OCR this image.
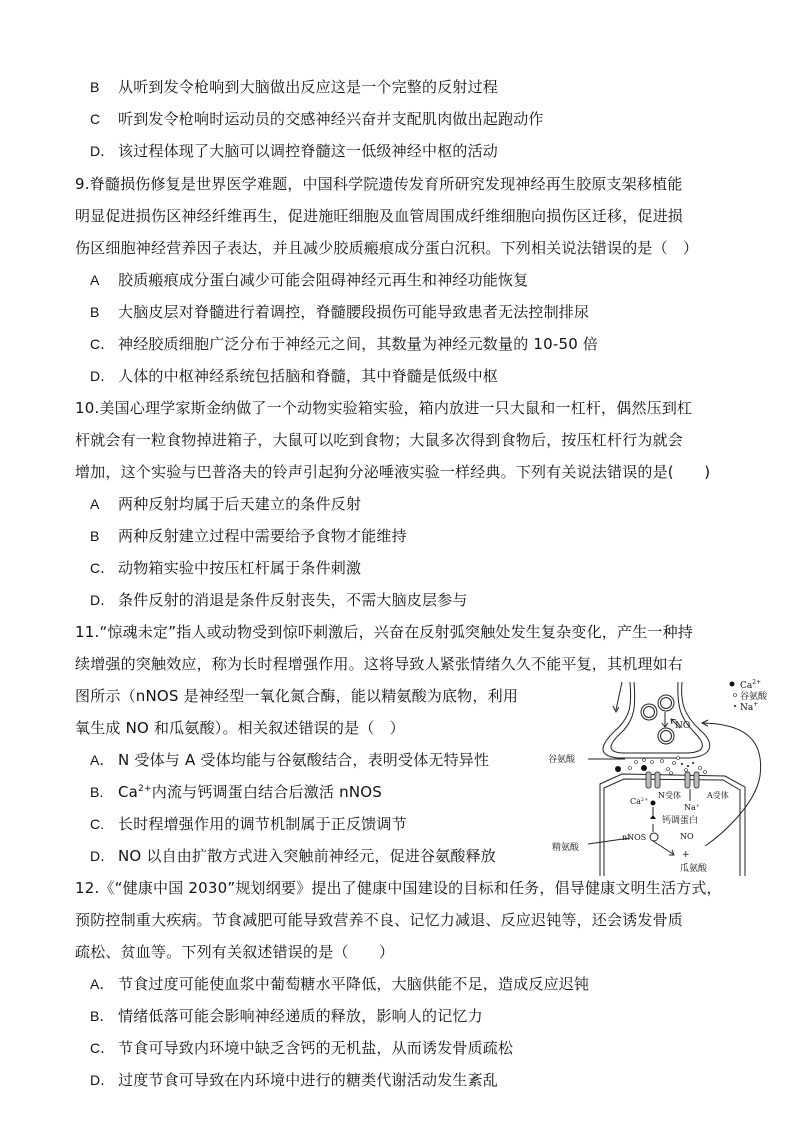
B 从听到发令枪响到大脑做出反应这是一个完整的反射过程
C 听到发令枪响时运动员的交感神经兴奋并支配肌肉做出起跑动作
D． 该过程体现了大脑可以调控脊髓这一低级神经中枢的活动
9.脊髓损伤修复是世界医学难题，中国科学院遗传发育所研究发现神经再生胶原支架移植能
明显促进损伤区神经纤维再生，促进施旺细胞及血管周围成纤维细胞向损伤区迁移，促进损
伤区细胞神经营养因子表达，并且减少胶质瘢痕成分蛋白沉积。下列相关说法错误的是（　）
A 胶质瘢痕成分蛋白减少可能会阻碍神经元再生和神经功能恢复
B 大脑皮层对脊髓进行着调控，脊髓腰段损伤可能导致患者无法控制排尿
C． 神经胶质细胞广泛分布于神经元之间，其数量为神经元数量的 10-50 倍
D． 人体的中枢神经系统包括脑和脊髓，其中脊髓是低级中枢
10.美国心理学家斯金纳做了一个动物实验箱实验，箱内放进一只大鼠和一杠杆，偶然压到杠
杆就会有一粒食物掉进箱子，大鼠可以吃到食物；大鼠多次得到食物后，按压杠杆行为就会
增加，这个实验与巴普洛夫的铃声引起狗分泌唾液实验一样经典。下列有关说法错误的是(　　)
A 两种反射均属于后天建立的条件反射
B 两种反射建立过程中需要给予食物才能维持
C． 动物箱实验中按压杠杆属于条件刺激
D． 条件反射的消退是条件反射丧失，不需大脑皮层参与
11.“惊魂未定”指人或动物受到惊吓刺激后，兴奋在反射弧突触处发生复杂变化，产生一种持
续增强的突触效应，称为长时程增强作用。这将导致人紧张情绪久久不能平复，其机理如右
图所示（nNOS 是神经型一氧化氮合酶，能以精氨酸为底物，利用
氧生成 NO 和瓜氨酸）。相关叙述错误的是（　）
A． N 受体与 A 受体均能与谷氨酸结合，表明受体无特异性
B. $Ca^{2+}$内流与钙调蛋白结合后激活 nNOS
C. 长时程增强作用的调节机制属于正反馈调节
D． NO 以自由扩散方式进入突触前神经元，促进谷氨酸释放
$Ca^{2+}$
谷氨酸
Na+
NO
谷氨酸
$Ca^{2+}$ N受体	A受体
Na+
钙调蛋白
nNOS	NO
精氨酸
+
瓜氨酸
12.《“健康中国 2030”规划纲要》提出了健康中国建设的目标和任务，倡导健康文明生活方式，
预防控制重大疾病。节食减肥可能导致营养不良、记忆力减退、反应迟钝等，还会诱发骨质
疏松、贫血等。下列有关叙述错误的是（　　）
A． 节食过度可能使血浆中葡萄糖水平降低，大脑供能不足，造成反应迟钝
B． 情绪低落可能会影响神经递质的释放，影响人的记忆力
C． 节食可导致内环境中缺乏含钙的无机盐，从而诱发骨质疏松
D． 过度节食可导致在内环境中进行的糖类代谢活动发生紊乱
